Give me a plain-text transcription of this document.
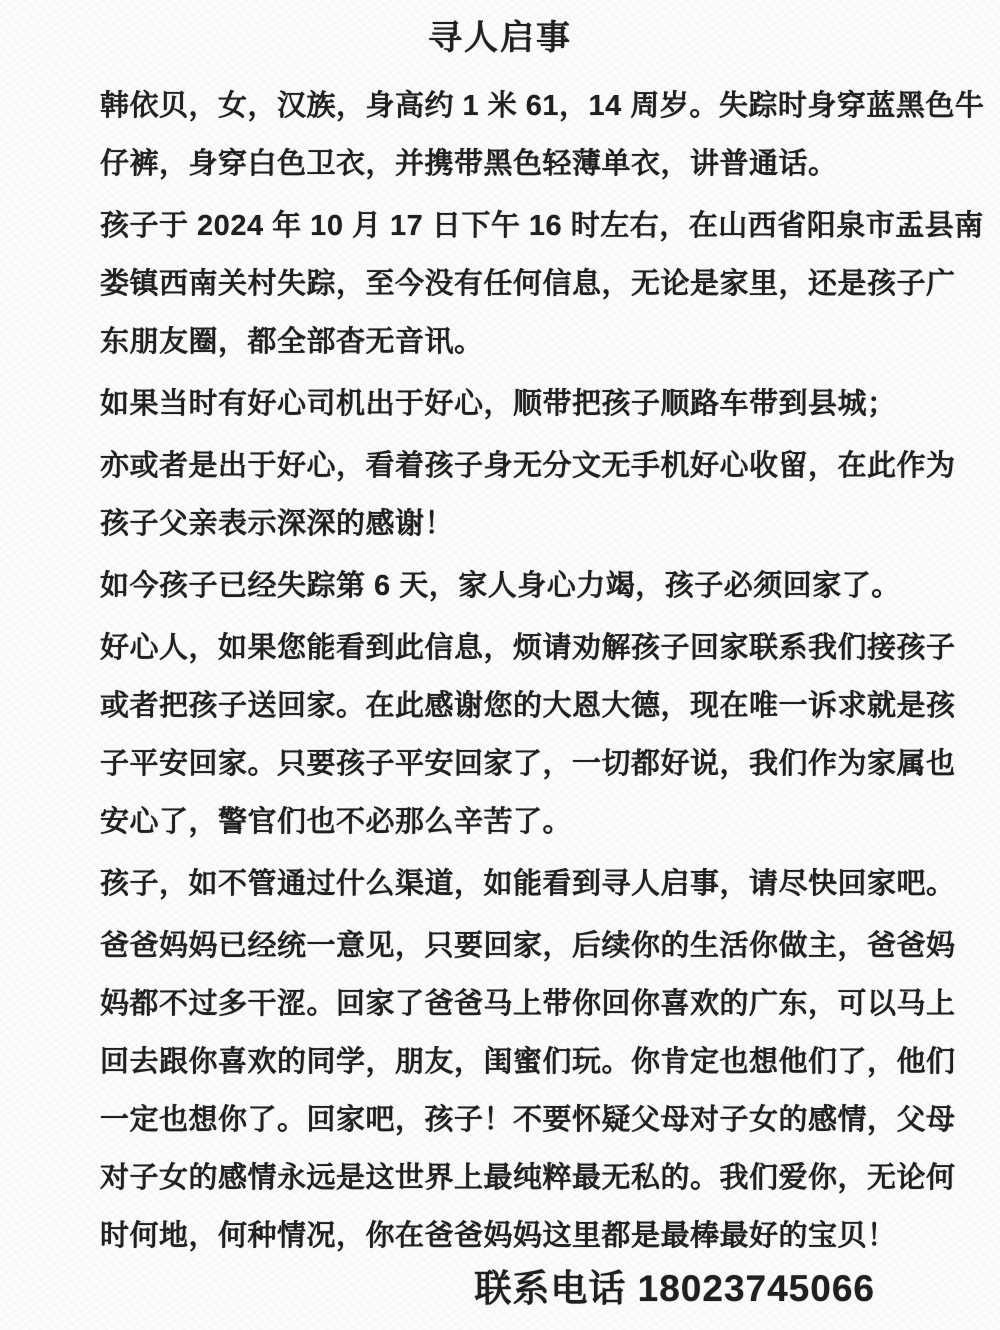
寻人启事
韩依贝，女，汉族，身高约 1 米 61，14 周岁。失踪时身穿蓝黑色牛
仔裤，身穿白色卫衣，并携带黑色轻薄单衣，讲普通话。
孩子于 2024 年 10 月 17 日下午 16 时左右，在山西省阳泉市盂县南
娄镇西南关村失踪，至今没有任何信息，无论是家里，还是孩子广
东朋友圈，都全部杳无音讯。
如果当时有好心司机出于好心，顺带把孩子顺路车带到县城；
亦或者是出于好心，看着孩子身无分文无手机好心收留，在此作为
孩子父亲表示深深的感谢！
如今孩子已经失踪第 6 天，家人身心力竭，孩子必须回家了。
好心人，如果您能看到此信息，烦请劝解孩子回家联系我们接孩子
或者把孩子送回家。在此感谢您的大恩大德，现在唯一诉求就是孩
子平安回家。只要孩子平安回家了，一切都好说，我们作为家属也
安心了，警官们也不必那么辛苦了。
孩子，如不管通过什么渠道，如能看到寻人启事，请尽快回家吧。
爸爸妈妈已经统一意见，只要回家，后续你的生活你做主，爸爸妈
妈都不过多干涩。回家了爸爸马上带你回你喜欢的广东，可以马上
回去跟你喜欢的同学，朋友，闺蜜们玩。你肯定也想他们了，他们
一定也想你了。回家吧，孩子！不要怀疑父母对子女的感情，父母
对子女的感情永远是这世界上最纯粹最无私的。我们爱你，无论何
时何地，何种情况，你在爸爸妈妈这里都是最棒最好的宝贝！
联系电话 18023745066
